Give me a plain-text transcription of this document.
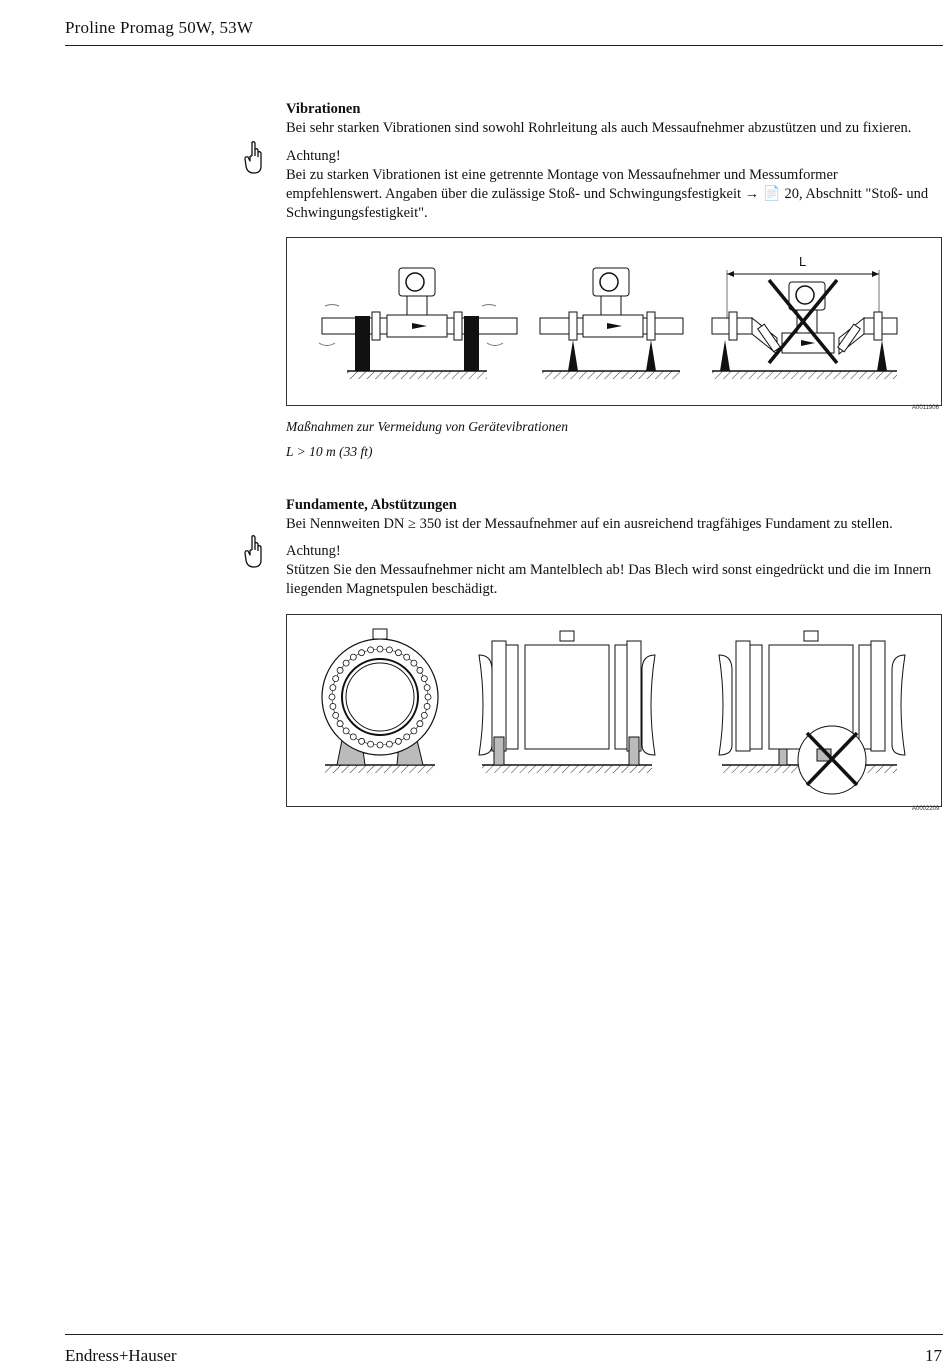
Proline Promag 50W, 53W
Vibrationen
Bei sehr starken Vibrationen sind sowohl Rohrleitung als auch Messaufnehmer abzustützen und zu fixieren.
Achtung!
Bei zu starken Vibrationen ist eine getrennte Montage von Messaufnehmer und Messumformer
empfehlenswert. Angaben über die zulässige Stoß- und Schwingungsfestigkeit → 📄 20, Abschnitt "Stoß- und
Schwingungsfestigkeit".
L
A0011906
Maßnahmen zur Vermeidung von Gerätevibrationen
L > 10 m (33 ft)
Fundamente, Abstützungen
Bei Nennweiten DN ≥ 350 ist der Messaufnehmer auf ein ausreichend tragfähiges Fundament zu stellen.
Achtung!
Stützen Sie den Messaufnehmer nicht am Mantelblech ab! Das Blech wird sonst eingedrückt und die im Innern
liegenden Magnetspulen beschädigt.
A0002209
Endress+Hauser	17
